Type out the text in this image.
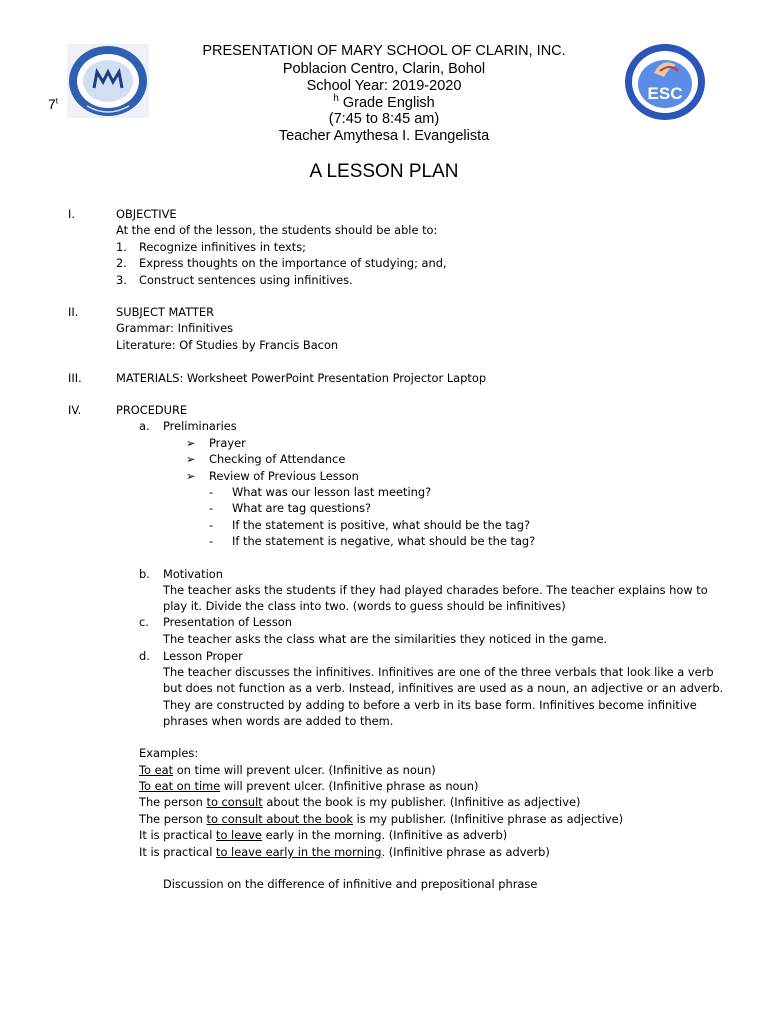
ESC
PRESENTATION OF MARY SCHOOL OF CLARIN, INC.
Poblacion Centro, Clarin, Bohol
School Year: 2019-2020
$^h$ Grade English
7$^t$
(7:45 to 8:45 am)
Teacher Amythesa I. Evangelista
A LESSON PLAN
I.	OBJECTIVE
At the end of the lesson, the students should be able to:
1. Recognize infinitives in texts;
2. Express thoughts on the importance of studying; and,
3. Construct sentences using infinitives.
II.	SUBJECT MATTER
Grammar: Infinitives
Literature: Of Studies by Francis Bacon
III.	MATERIALS: Worksheet PowerPoint Presentation Projector Laptop
IV.	PROCEDURE
a. Preliminaries
➢ Prayer
➢ Checking of Attendance
➢ Review of Previous Lesson
- What was our lesson last meeting?
- What are tag questions?
- If the statement is positive, what should be the tag?
- If the statement is negative, what should be the tag?
b. Motivation
The teacher asks the students if they had played charades before. The teacher explains how to
play it. Divide the class into two. (words to guess should be infinitives)
c. Presentation of Lesson
The teacher asks the class what are the similarities they noticed in the game.
d. Lesson Proper
The teacher discusses the infinitives. Infinitives are one of the three verbals that look like a verb
but does not function as a verb. Instead, infinitives are used as a noun, an adjective or an adverb.
They are constructed by adding to before a verb in its base form. Infinitives become infinitive
phrases when words are added to them.
Examples:
To eat on time will prevent ulcer. (Infinitive as noun)
To eat on time will prevent ulcer. (Infinitive phrase as noun)
The person to consult about the book is my publisher. (Infinitive as adjective)
The person to consult about the book is my publisher. (Infinitive phrase as adjective)
It is practical to leave early in the morning. (Infinitive as adverb)
It is practical to leave early in the morning. (Infinitive phrase as adverb)
Discussion on the difference of infinitive and prepositional phrase
